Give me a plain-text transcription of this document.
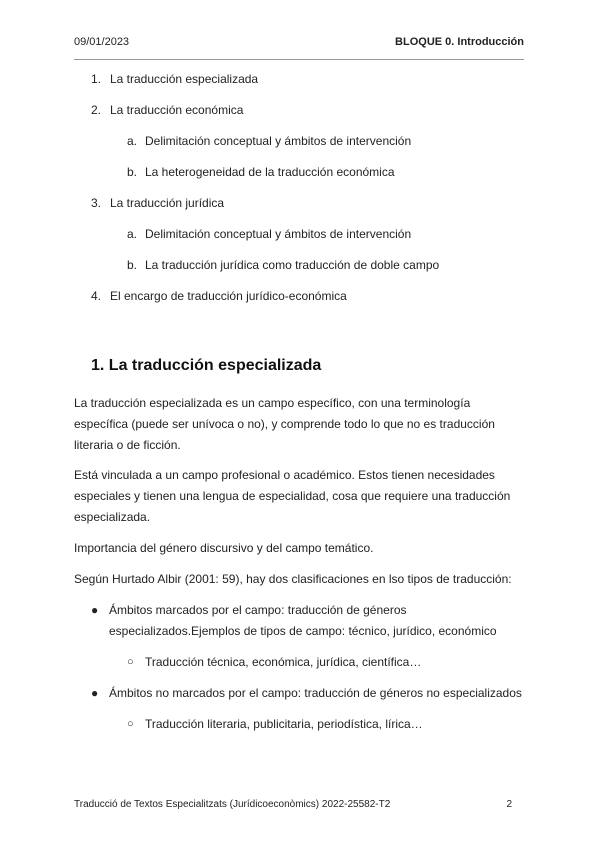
09/01/2023	BLOQUE 0. Introducción
1. La traducción especializada
2. La traducción económica
a. Delimitación conceptual y ámbitos de intervención
b. La heterogeneidad de la traducción económica
3. La traducción jurídica
a. Delimitación conceptual y ámbitos de intervención
b. La traducción jurídica como traducción de doble campo
4. El encargo de traducción jurídico-económica
1. La traducción especializada

La traducción especializada es un campo específico, con una terminología específica (puede ser unívoca o no), y comprende todo lo que no es traducción literaria o de ficción.

Está vinculada a un campo profesional o académico. Estos tienen necesidades especiales y tienen una lengua de especialidad, cosa que requiere una traducción especializada.

Importancia del género discursivo y del campo temático.

Según Hurtado Albir (2001: 59), hay dos clasificaciones en lso tipos de traducción:

● Ámbitos marcados por el campo: traducción de géneros especializados.Ejemplos de tipos de campo: técnico, jurídico, económico
○ Traducción técnica, económica, jurídica, científica…
● Ámbitos no marcados por el campo: traducción de géneros no especializados
○ Traducción literaria, publicitaria, periodística, lírica…
Traducció de Textos Especialitzats (Jurídicoeconòmics) 2022-25582-T2	2
